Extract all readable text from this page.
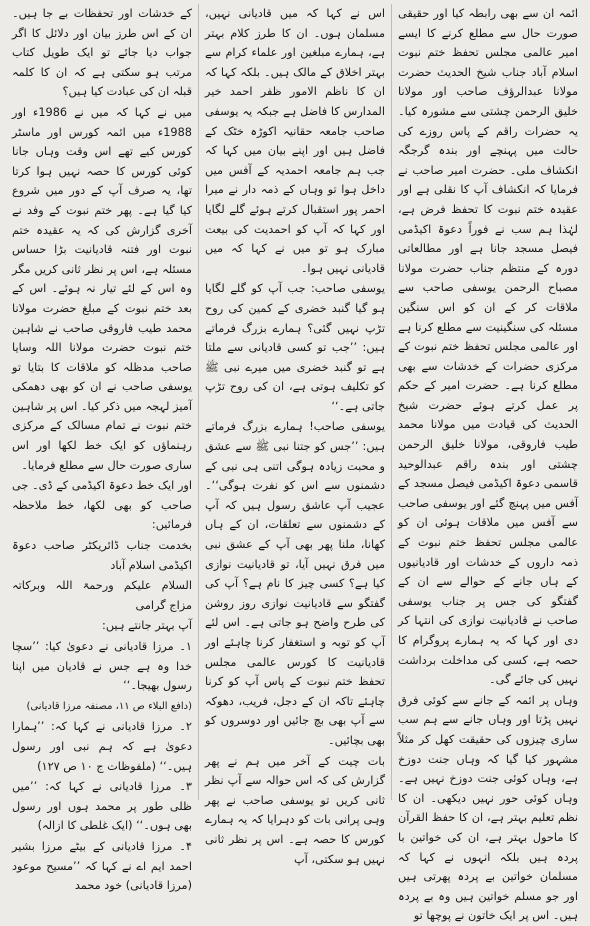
ائمہ ان سے بھی رابطہ کیا اور حقیقی صورت حال سے مطلع کرنے کا ایسے امیر عالمی مجلس تحفظ ختم نبوت اسلام آباد جناب شیخ الحدیث حضرت مولانا عبدالرؤف صاحب اور مولانا خلیق الرحمن چشتی سے مشورہ کیا۔ یہ حضرات راقم کے پاس روزے کی حالت میں پہنچے اور بندہ گرجگہ انکشاف ملی۔ حضرت امیر صاحب نے فرمایا کہ انکشاف آپ کا نقلی ہے اور عقیدہ ختم نبوت کا تحفظ فرض ہے، لہٰذا ہم سب نے فوراً دعوۃ اکیڈمی فیصل مسجد جانا ہے اور مطالعاتی دورہ کے منتظم جناب حضرت مولانا مصباح الرحمن یوسفی صاحب سے ملاقات کر کے ان کو اس سنگین مسئلہ کی سنگینیت سے مطلع کرنا ہے اور عالمی مجلس تحفظ ختم نبوت کے مرکزی حضرات کے خدشات سے بھی مطلع کرنا ہے۔ حضرت امیر کے حکم پر عمل کرتے ہوئے حضرت شیخ الحدیث کی قیادت میں مولانا محمد طیب فاروقی، مولانا خلیق الرحمن چشتی اور بندہ راقم عبدالوحید قاسمی دعوۃ اکیڈمی فیصل مسجد کے آفس میں پہنچ گئے اور یوسفی صاحب سے آفس میں ملاقات ہوئی ان کو عالمی مجلس تحفظ ختم نبوت کے ذمہ داروں کے خدشات اور قادیانیوں کے ہاں جانے کے حوالے سے ان کے گفتگو کی جس پر جناب یوسفی صاحب نے قادیانیت نوازی کی انتہا کر دی اور کہا کہ یہ ہمارے پروگرام کا حصہ ہے، کسی کی مداخلت برداشت نہیں کی جائے گی۔

وہاں پر ائمہ کے جانے سے کوئی فرق نہیں پڑتا اور وہاں جانے سے ہم سب ساری چیزوں کی حقیقت کھل کر مثلاً مشہور کیا گیا کہ وہاں جنت دوزخ ہے، وہاں کوئی جنت دوزخ نہیں ہے۔ وہاں کوئی حور نہیں دیکھی۔ ان کا نظم تعلیم بہتر ہے، ان کا حفظ القرآن کا ماحول بہتر ہے، ان کی خواتین با پردہ ہیں بلکہ انہوں نے کہا کہ مسلمان خواتین بے پردہ پھرتی ہیں اور جو مسلم خواتین ہیں وہ بے پردہ ہیں۔ اس پر ایک خاتون نے پوچھا تو

اس نے کہا کہ میں قادیانی نہیں، مسلمان ہوں۔ ان کا طرز کلام بہتر ہے، ہمارے مبلغین اور علماء کرام سے بہتر اخلاق کے مالک ہیں۔ بلکہ کہا کہ ان کا ناظم الامور ظفر احمد خیر المدارس کا فاضل ہے جبکہ یہ یوسفی صاحب جامعہ حقانیہ اکوڑہ خٹک کے فاضل ہیں اور اپنے بیان میں کہا کہ جب ہم جامعہ احمدیہ کے آفس میں داخل ہوا تو وہاں کے ذمہ دار نے میرا احمر پور استقبال کرتے ہوئے گلے لگایا اور کہا کہ آپ کو احمدیت کی بیعت مبارک ہو تو میں نے کہا کہ میں قادیانی نہیں ہوا۔

یوسفی صاحب: جب آپ کو گلے لگایا ہو گیا گنبد خضری کے کمین کی روح تڑپ نہیں گئی؟ ہمارے بزرگ فرماتے ہیں: ’’جب تو کسی قادیانی سے ملتا ہے تو گنبد خضری میں میرے نبی ﷺ کو تکلیف ہوتی ہے، ان کی روح تڑپ جاتی ہے۔‘‘

یوسفی صاحب! ہمارے بزرگ فرماتے ہیں: ’’جس کو جتنا نبی ﷺ سے عشق و محبت زیادہ ہوگی اتنی ہی نبی کے دشمنوں سے اس کو نفرت ہوگی‘‘۔ عجیب آپ عاشق رسول ہیں کہ آپ کے دشمنوں سے تعلقات، ان کے ہاں کھانا، ملنا پھر بھی آپ کے عشق نبی میں فرق نہیں آیا، تو قادیانیت نوازی کیا ہے؟ کسی چیز کا نام ہے؟ آپ کی گفتگو سے قادیانیت نوازی روز روشن کی طرح واضح ہو جاتی ہے۔ اس لئے آپ کو توبہ و استغفار کرنا چاہئے اور قادیانیت کا کورس عالمی مجلس تحفظ ختم نبوت کے پاس آپ کو کرنا چاہئے تاکہ ان کے دجل، فریب، دھوکہ سے آپ بھی بچ جائیں اور دوسروں کو بھی بچائیں۔

بات چیت کے آخر میں ہم نے پھر گزارش کی کہ اس حوالہ سے آپ نظر ثانی کریں تو یوسفی صاحب نے پھر وہی پرانی بات کو دہرایا کہ یہ ہمارے کورس کا حصہ ہے۔ اس پر نظر ثانی نہیں ہو سکتی، آپ

کے خدشات اور تحفظات بے جا ہیں۔ ان کے اس طرز بیان اور دلائل کا اگر جواب دیا جائے تو ایک طویل کتاب مرتب ہو سکتی ہے کہ ان کا کلمہ قبلہ ان کی عبادت کیا ہیں؟

میں نے کہا کہ میں نے 1986ء اور 1988ء میں ائمہ کورس اور ماسٹر کورس کیے تھے اس وقت وہاں جانا کوئی کورس کا حصہ نہیں ہوا کرتا تھا، یہ صرف آپ کے دور میں شروع کیا گیا ہے۔ پھر ختم نبوت کے وفد نے آخری گزارش کی کہ یہ عقیدہ ختم نبوت اور فتنہ قادیانیت بڑا حساس مسئلہ ہے، اس پر نظر ثانی کریں مگر وہ اس کے لئے تیار نہ ہوئے۔ اس کے بعد ختم نبوت کے مبلغ حضرت مولانا محمد طیب فاروقی صاحب نے شاہین ختم نبوت حضرت مولانا اللہ وسایا صاحب مدظلہ کو ملاقات کا بتایا تو یوسفی صاحب نے ان کو بھی دھمکی آمیز لہجہ میں ذکر کیا۔ اس پر شاہین ختم نبوت نے تمام مسالک کے مرکزی رہنماؤں کو ایک خط لکھا اور اس ساری صورت حال سے مطلع فرمایا۔

اور ایک خط دعوۃ اکیڈمی کے ڈی۔ جی صاحب کو بھی لکھا، خط ملاحظہ فرمائیں:

بخدمت جناب ڈائریکٹر صاحب دعوۃ اکیڈمی اسلام آباد

السلام علیکم ورحمۃ اللہ وبرکاتہ مزاج گرامی

آپ بہتر جانتے ہیں:

۱۔ مرزا قادیانی نے دعویٰ کیا: ’’سچا خدا وہ ہے جس نے قادیان میں اپنا رسول بھیجا۔‘‘

(دافع البلاء ص ۱۱، مصنفہ مرزا قادیانی)

۲۔ مرزا قادیانی نے کہا کہ: ’’ہمارا دعویٰ ہے کہ ہم نبی اور رسول ہیں۔‘‘ (ملفوظات ج ۱۰ ص ۱۲۷)

۳۔ مرزا قادیانی نے کہا کہ: ’’میں ظلی طور پر محمد ہوں اور رسول بھی ہوں۔‘‘ (ایک غلطی کا ازالہ)

۴۔ مرزا قادیانی کے بیٹے مرزا بشیر احمد ایم اے نے کہا کہ ’’مسیح موعود (مرزا قادیانی) خود محمد
